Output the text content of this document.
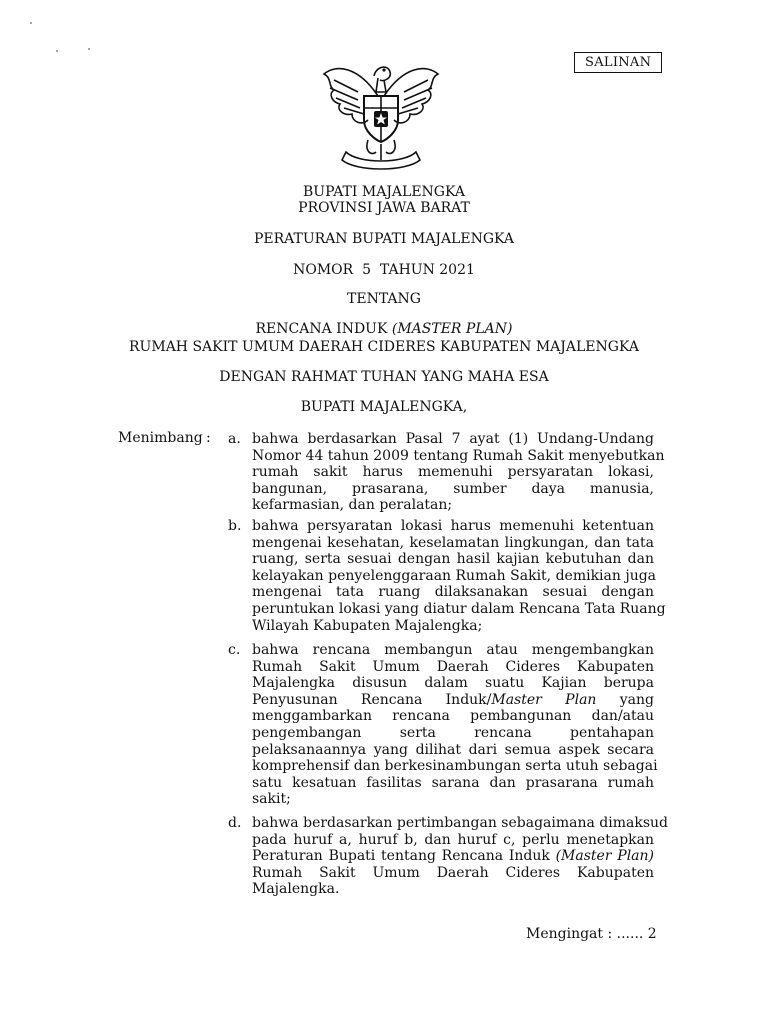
SALINAN
BUPATI MAJALENGKA
PROVINSI JAWA BARAT
PERATURAN BUPATI MAJALENGKA
NOMOR  5  TAHUN 2021
TENTANG
RENCANA INDUK (MASTER PLAN)
RUMAH SAKIT UMUM DAERAH CIDERES KABUPATEN MAJALENGKA
DENGAN RAHMAT TUHAN YANG MAHA ESA
BUPATI MAJALENGKA,
Menimbang : a. bahwa berdasarkan Pasal 7 ayat (1) Undang-Undang
Nomor 44 tahun 2009 tentang Rumah Sakit menyebutkan
rumah sakit harus memenuhi persyaratan lokasi,
bangunan, prasarana, sumber daya manusia,
kefarmasian, dan peralatan;
b. bahwa persyaratan lokasi harus memenuhi ketentuan
mengenai kesehatan, keselamatan lingkungan, dan tata
ruang, serta sesuai dengan hasil kajian kebutuhan dan
kelayakan penyelenggaraan Rumah Sakit, demikian juga
mengenai tata ruang dilaksanakan sesuai dengan
peruntukan lokasi yang diatur dalam Rencana Tata Ruang
Wilayah Kabupaten Majalengka;
c. bahwa rencana membangun atau mengembangkan
Rumah Sakit Umum Daerah Cideres Kabupaten
Majalengka disusun dalam suatu Kajian berupa
Penyusunan Rencana Induk/Master Plan yang
menggambarkan rencana pembangunan dan/atau
pengembangan serta rencana pentahapan
pelaksanaannya yang dilihat dari semua aspek secara
komprehensif dan berkesinambungan serta utuh sebagai
satu kesatuan fasilitas sarana dan prasarana rumah
sakit;
d. bahwa berdasarkan pertimbangan sebagaimana dimaksud
pada huruf a, huruf b, dan huruf c, perlu menetapkan
Peraturan Bupati tentang Rencana Induk (Master Plan)
Rumah Sakit Umum Daerah Cideres Kabupaten
Majalengka.
Mengingat : ...... 2
